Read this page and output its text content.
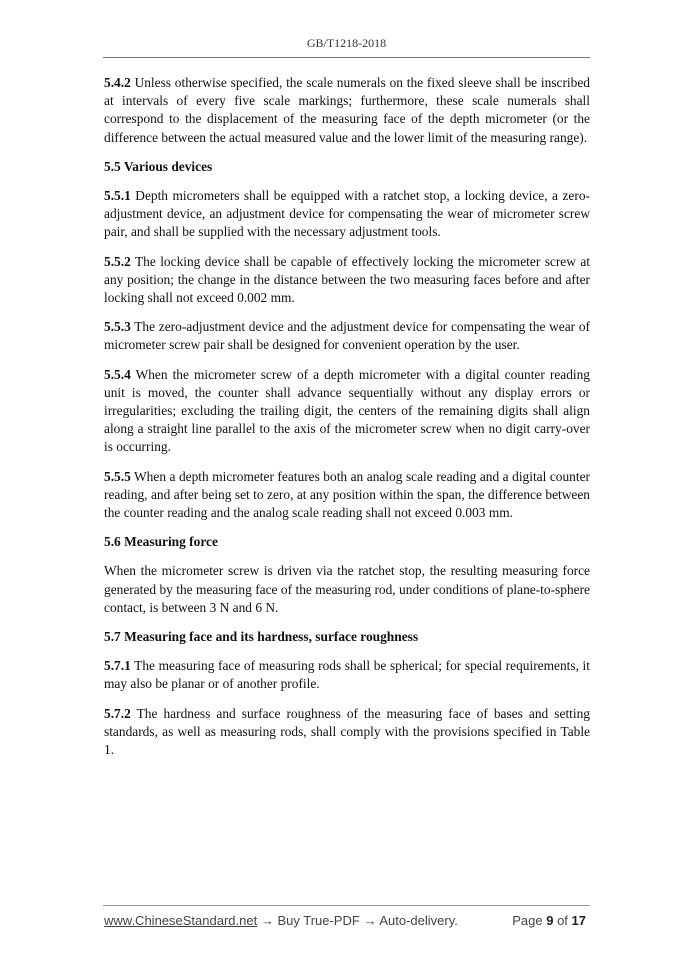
GB/T1218-2018

5.4.2 Unless otherwise specified, the scale numerals on the fixed sleeve shall be inscribed at intervals of every five scale markings; furthermore, these scale numerals shall correspond to the displacement of the measuring face of the depth micrometer (or the difference between the actual measured value and the lower limit of the measuring range).

5.5 Various devices

5.5.1 Depth micrometers shall be equipped with a ratchet stop, a locking device, a zero-adjustment device, an adjustment device for compensating the wear of micrometer screw pair, and shall be supplied with the necessary adjustment tools.

5.5.2 The locking device shall be capable of effectively locking the micrometer screw at any position; the change in the distance between the two measuring faces before and after locking shall not exceed 0.002 mm.

5.5.3 The zero-adjustment device and the adjustment device for compensating the wear of micrometer screw pair shall be designed for convenient operation by the user.

5.5.4 When the micrometer screw of a depth micrometer with a digital counter reading unit is moved, the counter shall advance sequentially without any display errors or irregularities; excluding the trailing digit, the centers of the remaining digits shall align along a straight line parallel to the axis of the micrometer screw when no digit carry-over is occurring.

5.5.5 When a depth micrometer features both an analog scale reading and a digital counter reading, and after being set to zero, at any position within the span, the difference between the counter reading and the analog scale reading shall not exceed 0.003 mm.

5.6 Measuring force

When the micrometer screw is driven via the ratchet stop, the resulting measuring force generated by the measuring face of the measuring rod, under conditions of plane-to-sphere contact, is between 3 N and 6 N.

5.7 Measuring face and its hardness, surface roughness

5.7.1 The measuring face of measuring rods shall be spherical; for special requirements, it may also be planar or of another profile.

5.7.2 The hardness and surface roughness of the measuring face of bases and setting standards, as well as measuring rods, shall comply with the provisions specified in Table 1.

www.ChineseStandard.net → Buy True-PDF → Auto-delivery.	Page 9 of 17
